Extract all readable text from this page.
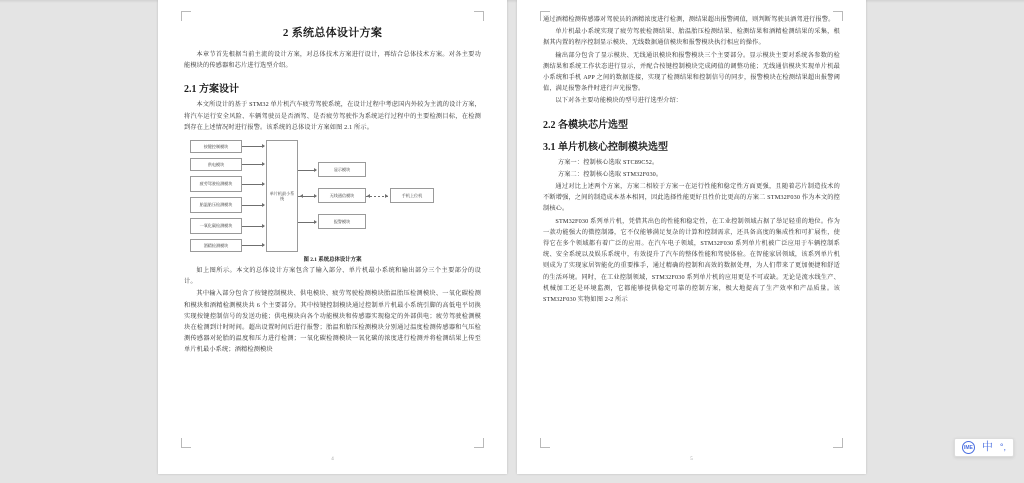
2 系统总体设计方案

本章节首先根据当前主流的设计方案，对总体技术方案进行设计，再结合总体技术方案。对各主要功能模块的传感器和芯片进行选型介绍。

2.1 方案设计

本文所设计的基于 STM32 单片机汽车疲劳驾驶系统，在设计过程中考虑国内外较为主流的设计方案，将汽车运行安全风险、车辆驾驶员是否酒驾、是否疲劳驾驶作为系统运行过程中的主要检测目标，在检测到存在上述情况时进行报警。该系统的总体设计方案如图 2.1 所示。

按键控制模块
供电模块
疲劳驾驶检测模块
胎温胎压检测模块
一氧化碳检测模块
酒精检测模块
单片机最小系统
显示模块
无线通信模块
报警模块
手机上位机
图 2.1 系统总体设计方案

如上图所示。本文的总体设计方案包含了输入部分、单片机最小系统和输出部分三个主要部分的设计。

其中输入部分包含了按键控制模块、供电模块、疲劳驾驶检测模块胎温胎压检测模块、一氧化碳检测和模块和酒精检测模块共 6 个主要部分。其中按键控制模块通过控制单片机最小系统引脚的高低电平切换实现按键控制信号的发送功能；供电模块向各个功能模块和传感器实现稳定的外部供电；疲劳驾驶检测模块在检测到计时时间。超出设置时间后进行报警；胎温和胎压检测模块分别通过温度检测传感器和气压检测传感器对轮胎的温度和压力进行检测；一氧化碳检测模块一氧化碳的浓度进行检测并将检测结果上传至单片机最小系统；酒精检测模块

4

通过酒精检测传感器对驾驶员的酒精浓度进行检测，测结果超出报警阈值，则判断驾驶员酒驾进行报警。

单片机最小系统实现了疲劳驾驶检测结果、胎温胎压检测结果、检测结果和酒精检测结果的采集，根据其内置的程序控制显示模块、无线数据通信模块和报警模块执行相应的操作。

输出部分包含了显示模块、无线通讯模块和报警模块三个主要部分。显示模块主要对系统各参数的检测结果和系统工作状态进行显示，并配合按键控制模块完成阈值的调整功能；无线通信模块实现单片机最小系统和手机 APP 之间的数据连接，实现了检测结果和控制信号的同步，报警模块在检测结果超出报警阈值，满足报警条件时进行声光报警。

以下对各主要功能模块的型号进行选型介绍：

2.2 各模块芯片选型
3.1 单片机核心控制模块选型

方案一：控制核心选取 STC89C52。

方案二：控制核心选取 STM32F030。

通过对比上述两个方案，方案二相较于方案一在运行性能和稳定性方面更强，且随着芯片制造技术的不断增强，之间的制造成本基本相同，因此选择性能更好且性价比更高的方案二 STM32F030 作为本文的控制核心。

STM32F030 系列单片机，凭借其出色的性能和稳定性，在工业控制领域占据了举足轻重的地位。作为一款功能强大的微控制器，它不仅能够满足复杂的计算和控制需求，还具备高度的集成性和可扩展性，使得它在多个领域都有着广泛的应用。在汽车电子领域，STM32F030 系列单片机被广泛应用于车辆控制系统、安全系统以及娱乐系统中，有效提升了汽车的整体性能和驾驶体验。在智能家居领域，该系列单片机则成为了实现家居智能化的重要推手，通过精确的控制和高效的数据处理，为人们带来了更加便捷和舒适的生活环境。同时，在工业控制领域，STM32F030 系列单片机的应用更是不可或缺。无论是流水线生产、机械加工还是环境监测，它都能够提供稳定可靠的控制方案，极大地提高了生产效率和产品质量。该 STM32F030 实物如图 2-2 所示

5
IME 中 °,
